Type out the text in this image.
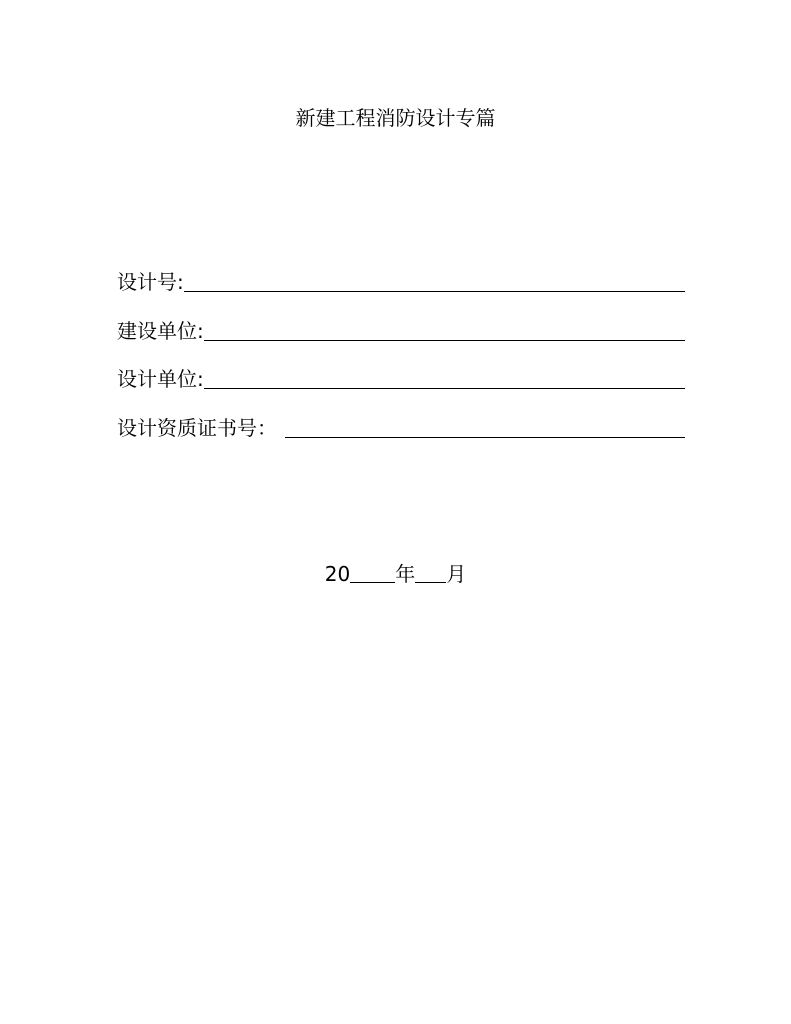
新建工程消防设计专篇
设计号:
建设单位:
设计单位:
设计资质证书号：
20 年 月
